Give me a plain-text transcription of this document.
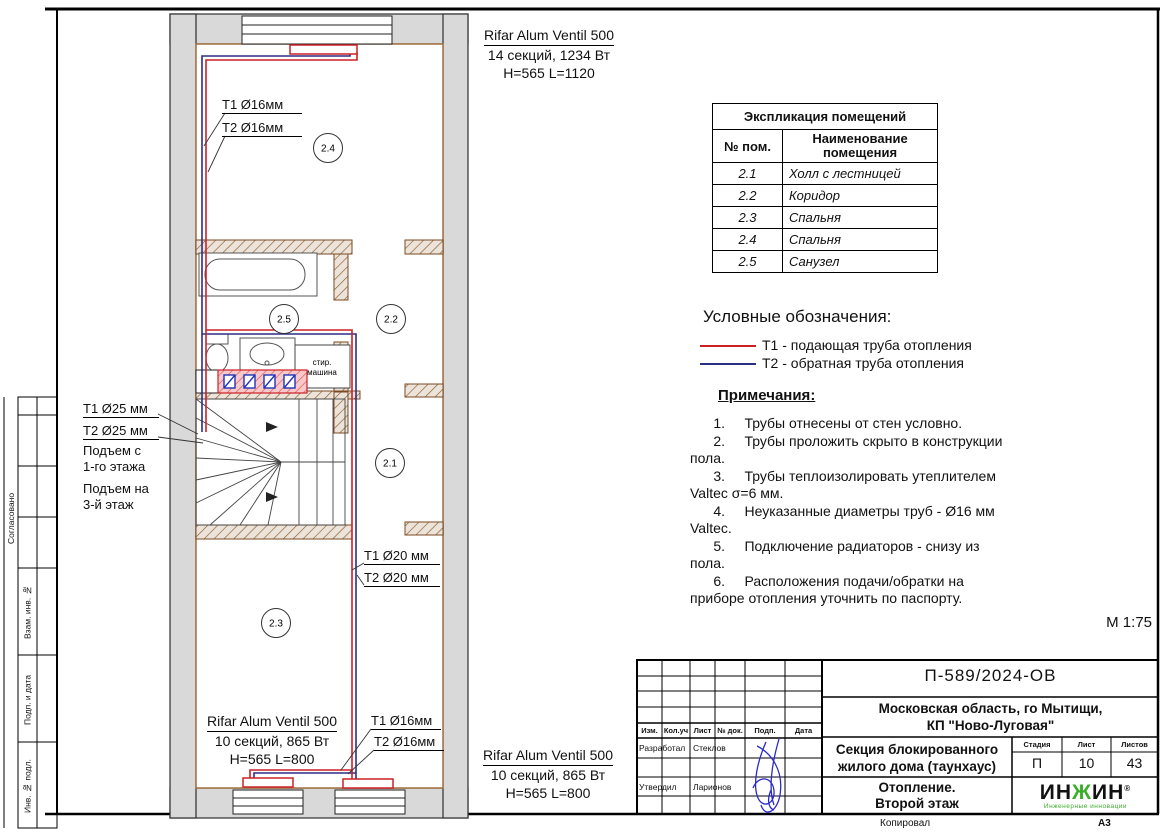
стир.
машина
2.4
2.5	2.2
2.1
2.3
Согласовано
Взам. инв. №
Подп. и дата
Инв. № подл.
Rifar Alum Ventil 500
14 секций, 1234 Вт
H=565 L=1120
Rifar Alum Ventil 500
10 секций, 865 Вт
H=565 L=800	Rifar Alum Ventil 500
10 секций, 865 Вт
H=565 L=800
Т1 Ø16мм
Т2 Ø16мм
Т1 Ø25 мм
Т2 Ø25 мм
Подъем с
1-го этажа
Подъем на
3-й этаж
Т1 Ø20 мм
Т2 Ø20 мм
Т1 Ø16мм
Т2 Ø16мм
Экспликация помещений
№ пом.	Наименование
помещения
2.1	Холл с лестницей
2.2	Коридор
2.3	Спальня
2.4	Спальня
2.5	Санузел
Условные обозначения:
Т1 - подающая труба отопления
Т2 - обратная труба отопления
Примечания:
1.     Трубы отнесены от стен условно.
2.     Трубы проложить скрыто в конструкции
пола.
3.     Трубы теплоизолировать утеплителем
Valtec σ=6 мм.
4.     Неуказанные диаметры труб - Ø16 мм
Valtec.
5.     Подключение радиаторов - снизу из
пола.
6.     Расположения подачи/обратки на
приборе отопления уточнить по паспорту.
М 1:75
П-589/2024-ОВ
Московская область, го Мытищи,
КП "Ново-Луговая"
Секция блокированного
жилого дома (таунхаус)
Отопление.
Второй этаж
Стадия	Лист	Листов
П	10	43
Изм. Кол.уч Лист № док.	Подп.	Дата
Разработал Стеклов
Утвердил Ларионов	ИНЖИН®
Инженерные инновации
Копировал	А3
